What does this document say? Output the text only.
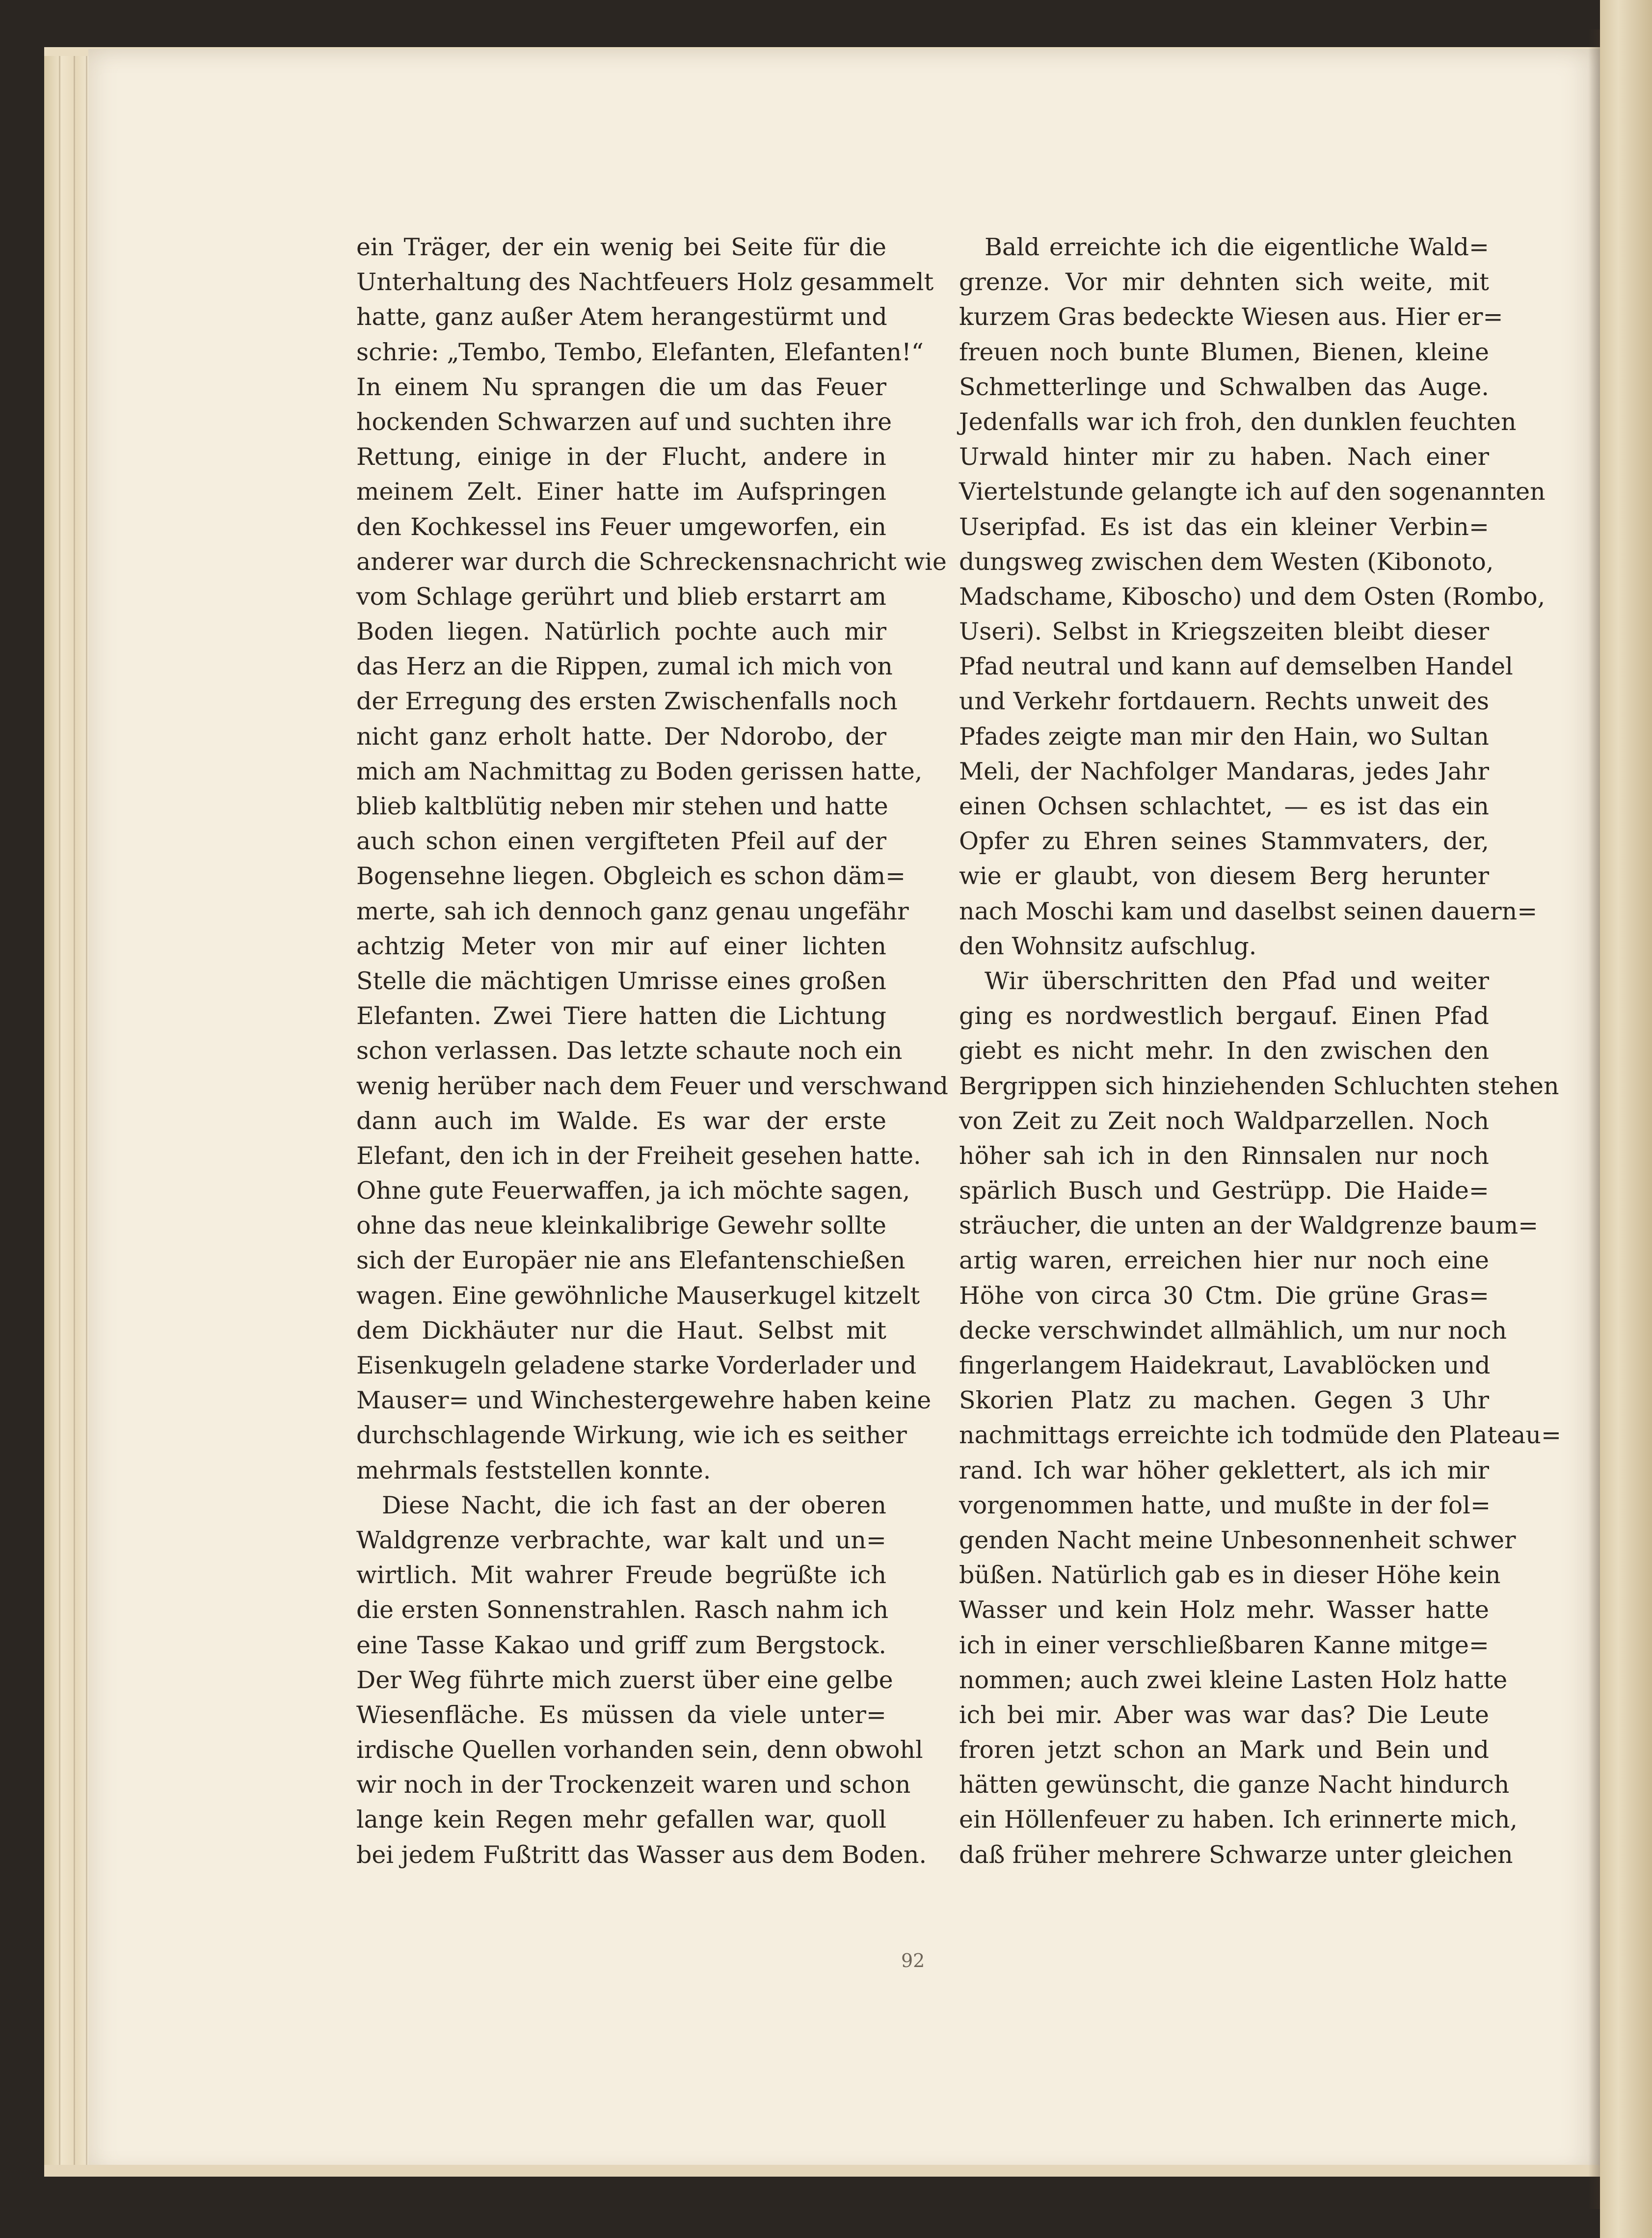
ein Träger, der ein wenig bei Seite für die
Unterhaltung des Nachtfeuers Holz gesammelt
hatte, ganz außer Atem herangestürmt und
schrie: „Tembo, Tembo, Elefanten, Elefanten!“
In einem Nu sprangen die um das Feuer
hockenden Schwarzen auf und suchten ihre
Rettung, einige in der Flucht, andere in
meinem Zelt. Einer hatte im Aufspringen
den Kochkessel ins Feuer umgeworfen, ein
anderer war durch die Schreckensnachricht wie
vom Schlage gerührt und blieb erstarrt am
Boden liegen. Natürlich pochte auch mir
das Herz an die Rippen, zumal ich mich von
der Erregung des ersten Zwischenfalls noch
nicht ganz erholt hatte. Der Ndorobo, der
mich am Nachmittag zu Boden gerissen hatte,
blieb kaltblütig neben mir stehen und hatte
auch schon einen vergifteten Pfeil auf der
Bogensehne liegen. Obgleich es schon däm=
merte, sah ich dennoch ganz genau ungefähr
achtzig Meter von mir auf einer lichten
Stelle die mächtigen Umrisse eines großen
Elefanten. Zwei Tiere hatten die Lichtung
schon verlassen. Das letzte schaute noch ein
wenig herüber nach dem Feuer und verschwand
dann auch im Walde. Es war der erste
Elefant, den ich in der Freiheit gesehen hatte.
Ohne gute Feuerwaffen, ja ich möchte sagen,
ohne das neue kleinkalibrige Gewehr sollte
sich der Europäer nie ans Elefantenschießen
wagen. Eine gewöhnliche Mauserkugel kitzelt
dem Dickhäuter nur die Haut. Selbst mit
Eisenkugeln geladene starke Vorderlader und
Mauser= und Winchestergewehre haben keine
durchschlagende Wirkung, wie ich es seither
mehrmals feststellen konnte.
Diese Nacht, die ich fast an der oberen
Waldgrenze verbrachte, war kalt und un=
wirtlich. Mit wahrer Freude begrüßte ich
die ersten Sonnenstrahlen. Rasch nahm ich
eine Tasse Kakao und griff zum Bergstock.
Der Weg führte mich zuerst über eine gelbe
Wiesenfläche. Es müssen da viele unter=
irdische Quellen vorhanden sein, denn obwohl
wir noch in der Trockenzeit waren und schon
lange kein Regen mehr gefallen war, quoll
bei jedem Fußtritt das Wasser aus dem Boden.
Bald erreichte ich die eigentliche Wald=
grenze. Vor mir dehnten sich weite, mit
kurzem Gras bedeckte Wiesen aus. Hier er=
freuen noch bunte Blumen, Bienen, kleine
Schmetterlinge und Schwalben das Auge.
Jedenfalls war ich froh, den dunklen feuchten
Urwald hinter mir zu haben. Nach einer
Viertelstunde gelangte ich auf den sogenannten
Useripfad. Es ist das ein kleiner Verbin=
dungsweg zwischen dem Westen (Kibonoto,
Madschame, Kiboscho) und dem Osten (Rombo,
Useri). Selbst in Kriegszeiten bleibt dieser
Pfad neutral und kann auf demselben Handel
und Verkehr fortdauern. Rechts unweit des
Pfades zeigte man mir den Hain, wo Sultan
Meli, der Nachfolger Mandaras, jedes Jahr
einen Ochsen schlachtet, — es ist das ein
Opfer zu Ehren seines Stammvaters, der,
wie er glaubt, von diesem Berg herunter
nach Moschi kam und daselbst seinen dauern=
den Wohnsitz aufschlug.
Wir überschritten den Pfad und weiter
ging es nordwestlich bergauf. Einen Pfad
giebt es nicht mehr. In den zwischen den
Bergrippen sich hinziehenden Schluchten stehen
von Zeit zu Zeit noch Waldparzellen. Noch
höher sah ich in den Rinnsalen nur noch
spärlich Busch und Gestrüpp. Die Haide=
sträucher, die unten an der Waldgrenze baum=
artig waren, erreichen hier nur noch eine
Höhe von circa 30 Ctm. Die grüne Gras=
decke verschwindet allmählich, um nur noch
fingerlangem Haidekraut, Lavablöcken und
Skorien Platz zu machen. Gegen 3 Uhr
nachmittags erreichte ich todmüde den Plateau=
rand. Ich war höher geklettert, als ich mir
vorgenommen hatte, und mußte in der fol=
genden Nacht meine Unbesonnenheit schwer
büßen. Natürlich gab es in dieser Höhe kein
Wasser und kein Holz mehr. Wasser hatte
ich in einer verschließbaren Kanne mitge=
nommen; auch zwei kleine Lasten Holz hatte
ich bei mir. Aber was war das? Die Leute
froren jetzt schon an Mark und Bein und
hätten gewünscht, die ganze Nacht hindurch
ein Höllenfeuer zu haben. Ich erinnerte mich,
daß früher mehrere Schwarze unter gleichen
92
